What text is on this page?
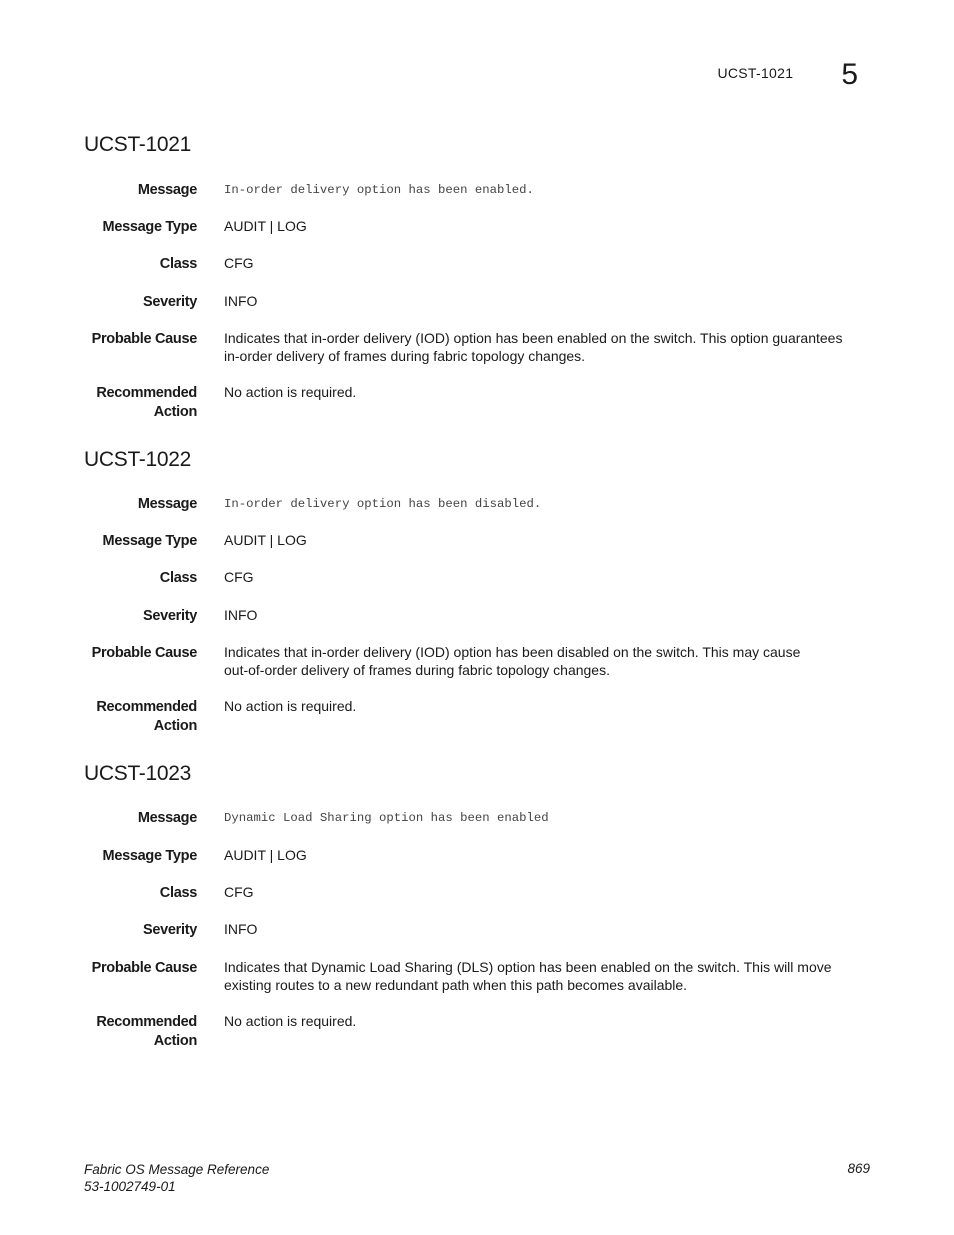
UCST-1021 5
UCST-1021
Message In-order delivery option has been enabled.
Message Type AUDIT | LOG
Class CFG
Severity INFO
Probable Cause Indicates that in-order delivery (IOD) option has been enabled on the switch. This option guarantees
in-order delivery of frames during fabric topology changes.
Recommended
Action
No action is required.
UCST-1022
Message In-order delivery option has been disabled.
Message Type AUDIT | LOG
Class CFG
Severity INFO
Probable Cause Indicates that in-order delivery (IOD) option has been disabled on the switch. This may cause
out-of-order delivery of frames during fabric topology changes.
Recommended
Action
No action is required.
UCST-1023
Message Dynamic Load Sharing option has been enabled
Message Type AUDIT | LOG
Class CFG
Severity INFO
Probable Cause Indicates that Dynamic Load Sharing (DLS) option has been enabled on the switch. This will move
existing routes to a new redundant path when this path becomes available.
Recommended
Action
No action is required.
Fabric OS Message Reference
53-1002749-01
869
